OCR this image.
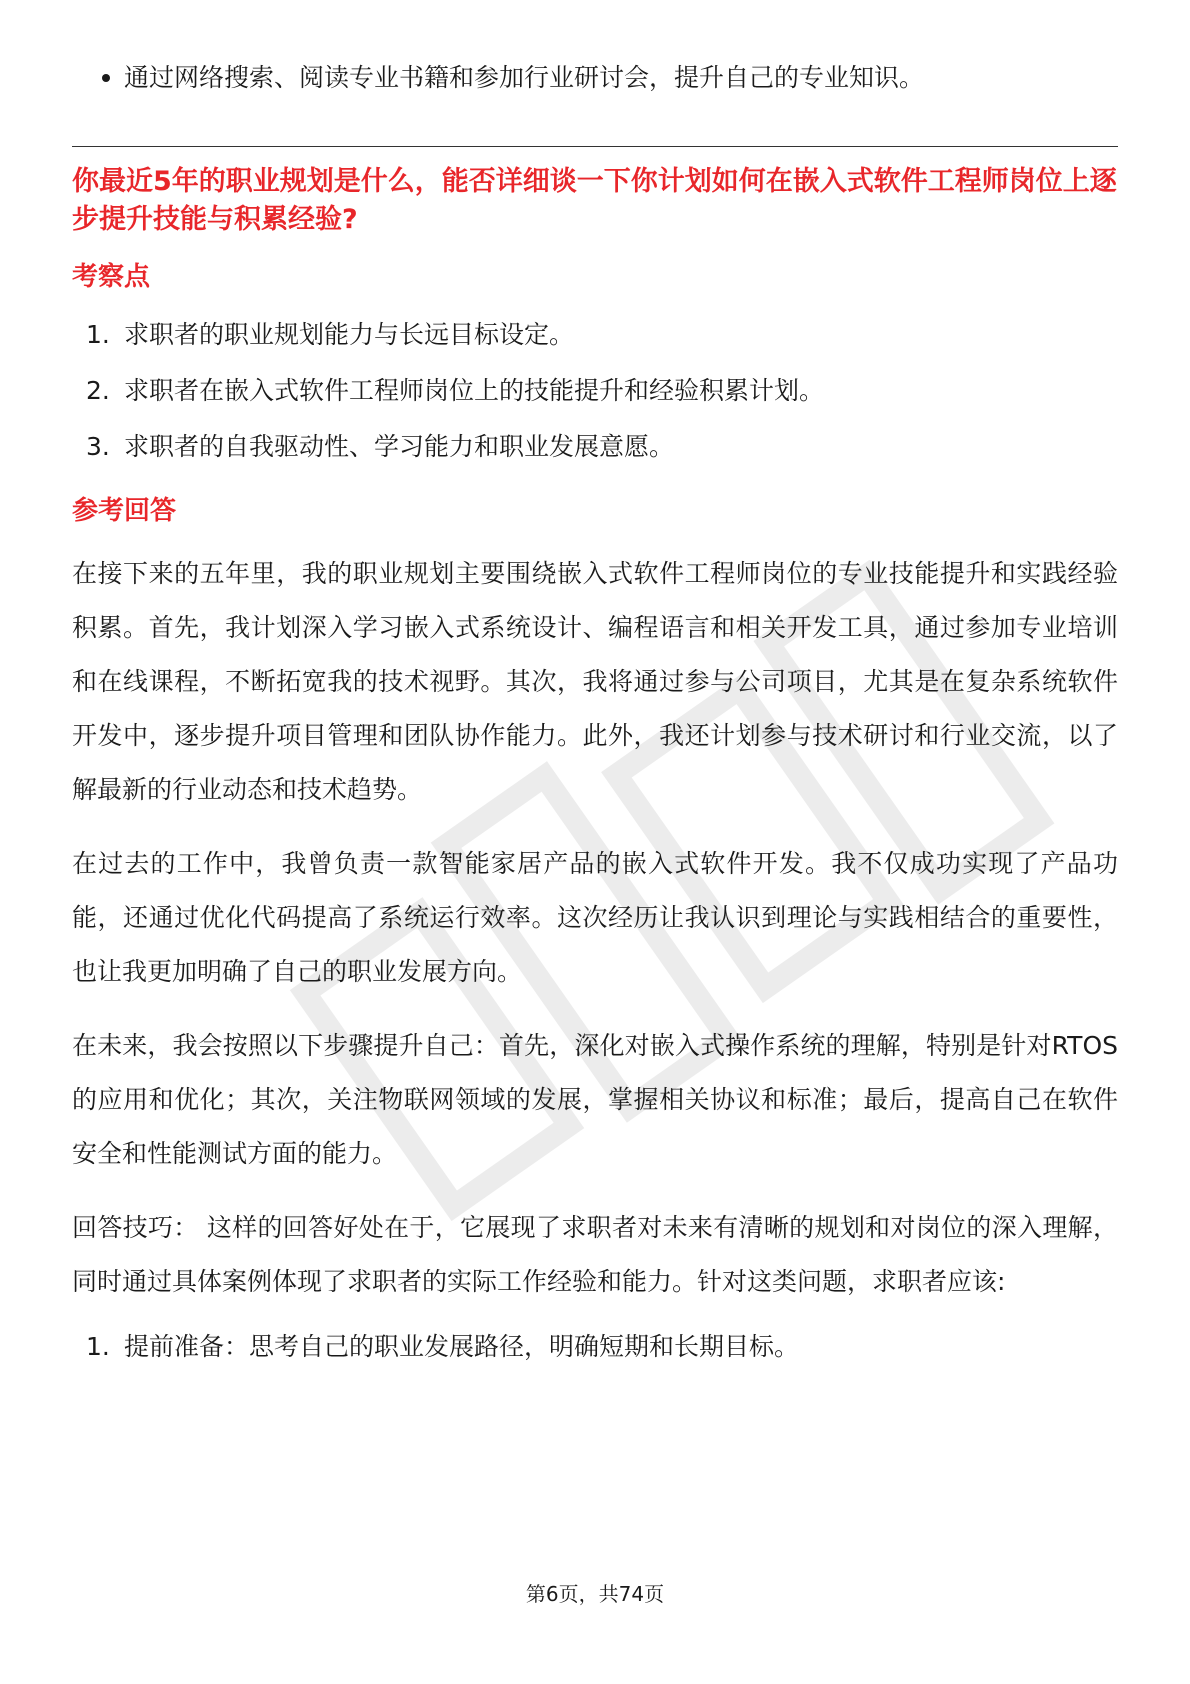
通过网络搜索、阅读专业书籍和参加行业研讨会，提升自己的专业知识。
你最近5年的职业规划是什么，能否详细谈一下你计划如何在嵌入式软件工程师岗位上逐步提升技能与积累经验?
考察点
1. 求职者的职业规划能力与长远目标设定。
2. 求职者在嵌入式软件工程师岗位上的技能提升和经验积累计划。
3. 求职者的自我驱动性、学习能力和职业发展意愿。
参考回答

在接下来的五年里，我的职业规划主要围绕嵌入式软件工程师岗位的专业技能提升和实践经验积累。首先，我计划深入学习嵌入式系统设计、编程语言和相关开发工具，通过参加专业培训和在线课程，不断拓宽我的技术视野。其次，我将通过参与公司项目，尤其是在复杂系统软件开发中，逐步提升项目管理和团队协作能力。此外，我还计划参与技术研讨和行业交流，以了解最新的行业动态和技术趋势。

在过去的工作中，我曾负责一款智能家居产品的嵌入式软件开发。我不仅成功实现了产品功能，还通过优化代码提高了系统运行效率。这次经历让我认识到理论与实践相结合的重要性，也让我更加明确了自己的职业发展方向。

在未来，我会按照以下步骤提升自己：首先，深化对嵌入式操作系统的理解，特别是针对RTOS的应用和优化；其次，关注物联网领域的发展，掌握相关协议和标准；最后，提高自己在软件安全和性能测试方面的能力。

回答技巧： 这样的回答好处在于，它展现了求职者对未来有清晰的规划和对岗位的深入理解，同时通过具体案例体现了求职者的实际工作经验和能力。针对这类问题，求职者应该:

1. 提前准备：思考自己的职业发展路径，明确短期和长期目标。
第6页，共74页
